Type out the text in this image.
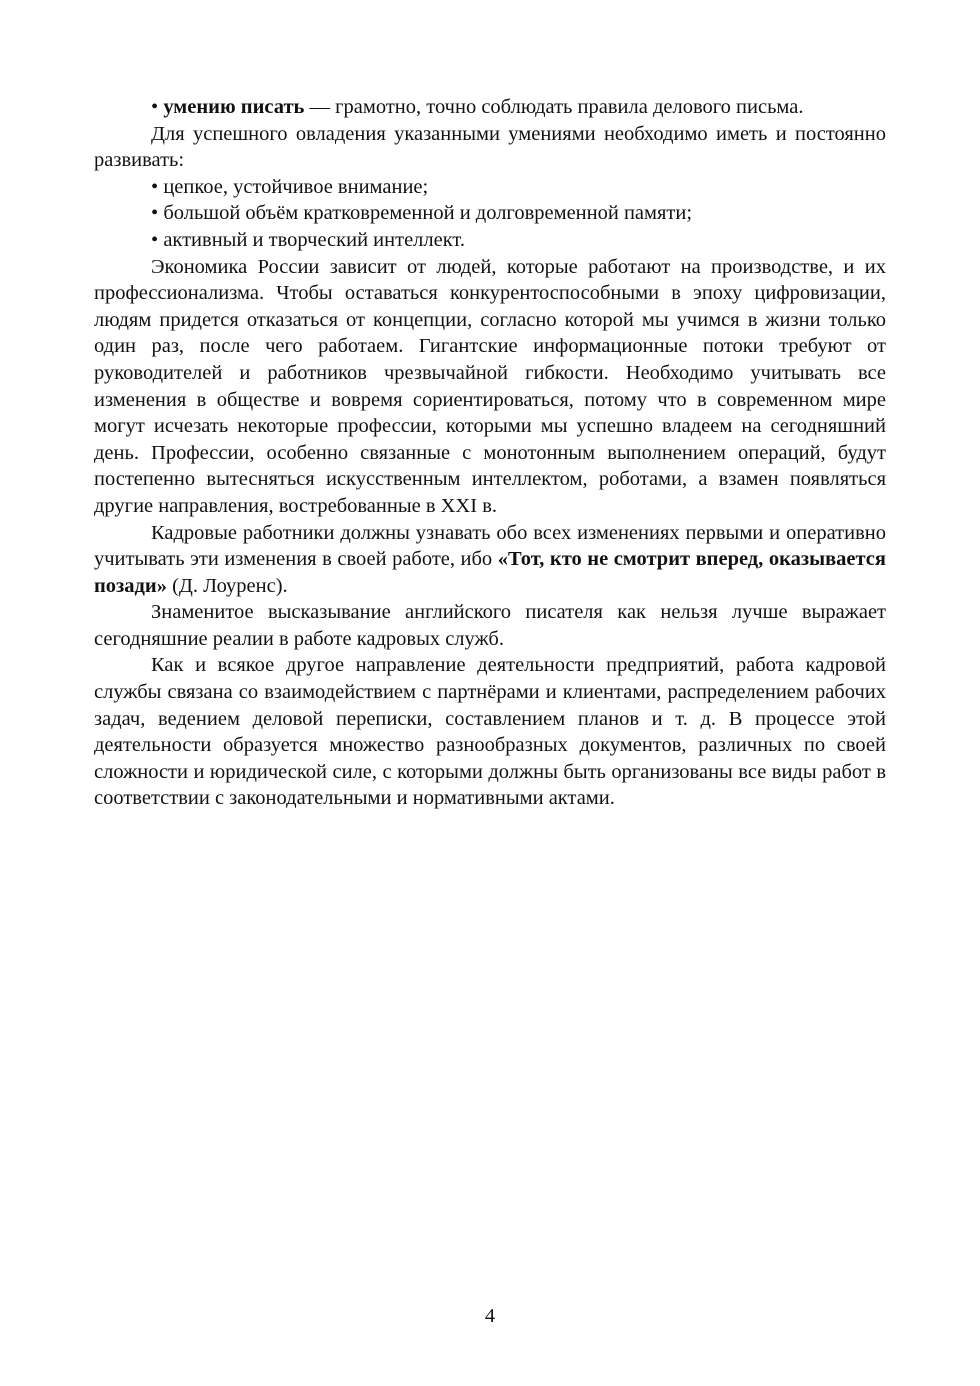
• умению писать — грамотно, точно соблюдать правила делового письма.

Для успешного овладения указанными умениями необходимо иметь и постоянно развивать:

• цепкое, устойчивое внимание;

• большой объём кратковременной и долговременной памяти;

• активный и творческий интеллект.

Экономика России зависит от людей, которые работают на производстве, и их профессионализма. Чтобы оставаться конкурентоспособными в эпоху цифровизации, людям придется отказаться от концепции, согласно которой мы учимся в жизни только один раз, после чего работаем. Гигантские информационные потоки требуют от руководителей и работников чрезвычайной гибкости. Необходимо учитывать все изменения в обществе и вовремя сориентироваться, потому что в современном мире могут исчезать некоторые профессии, которыми мы успешно владеем на сегодняшний день. Профессии, особенно связанные с монотонным выполнением операций, будут постепенно вытесняться искусственным интеллектом, роботами, а взамен появляться другие направления, востребованные в XXI в.

Кадровые работники должны узнавать обо всех изменениях первыми и оперативно учитывать эти изменения в своей работе, ибо «Тот, кто не смотрит вперед, оказывается позади» (Д. Лоуренс).

Знаменитое высказывание английского писателя как нельзя лучше выражает сегодняшние реалии в работе кадровых служб.

Как и всякое другое направление деятельности предприятий, работа кадровой службы связана со взаимодействием с партнёрами и клиентами, распределением рабочих задач, ведением деловой переписки, составлением планов и т. д. В процессе этой деятельности образуется множество разнообразных документов, различных по своей сложности и юридической силе, с которыми должны быть организованы все виды работ в соответствии с законодательными и нормативными актами.

4
